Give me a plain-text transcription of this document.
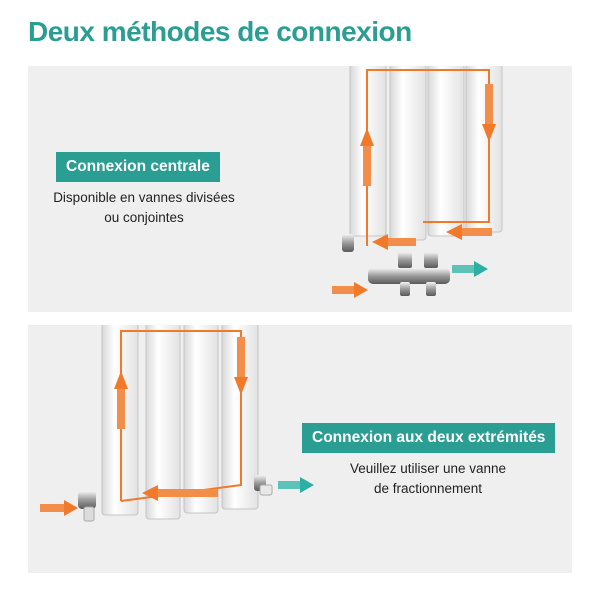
Deux méthodes de connexion
Connexion centrale
Disponible en vannes divisées
ou conjointes
Connexion aux deux extrémités
Veuillez utiliser une vanne
de fractionnement
